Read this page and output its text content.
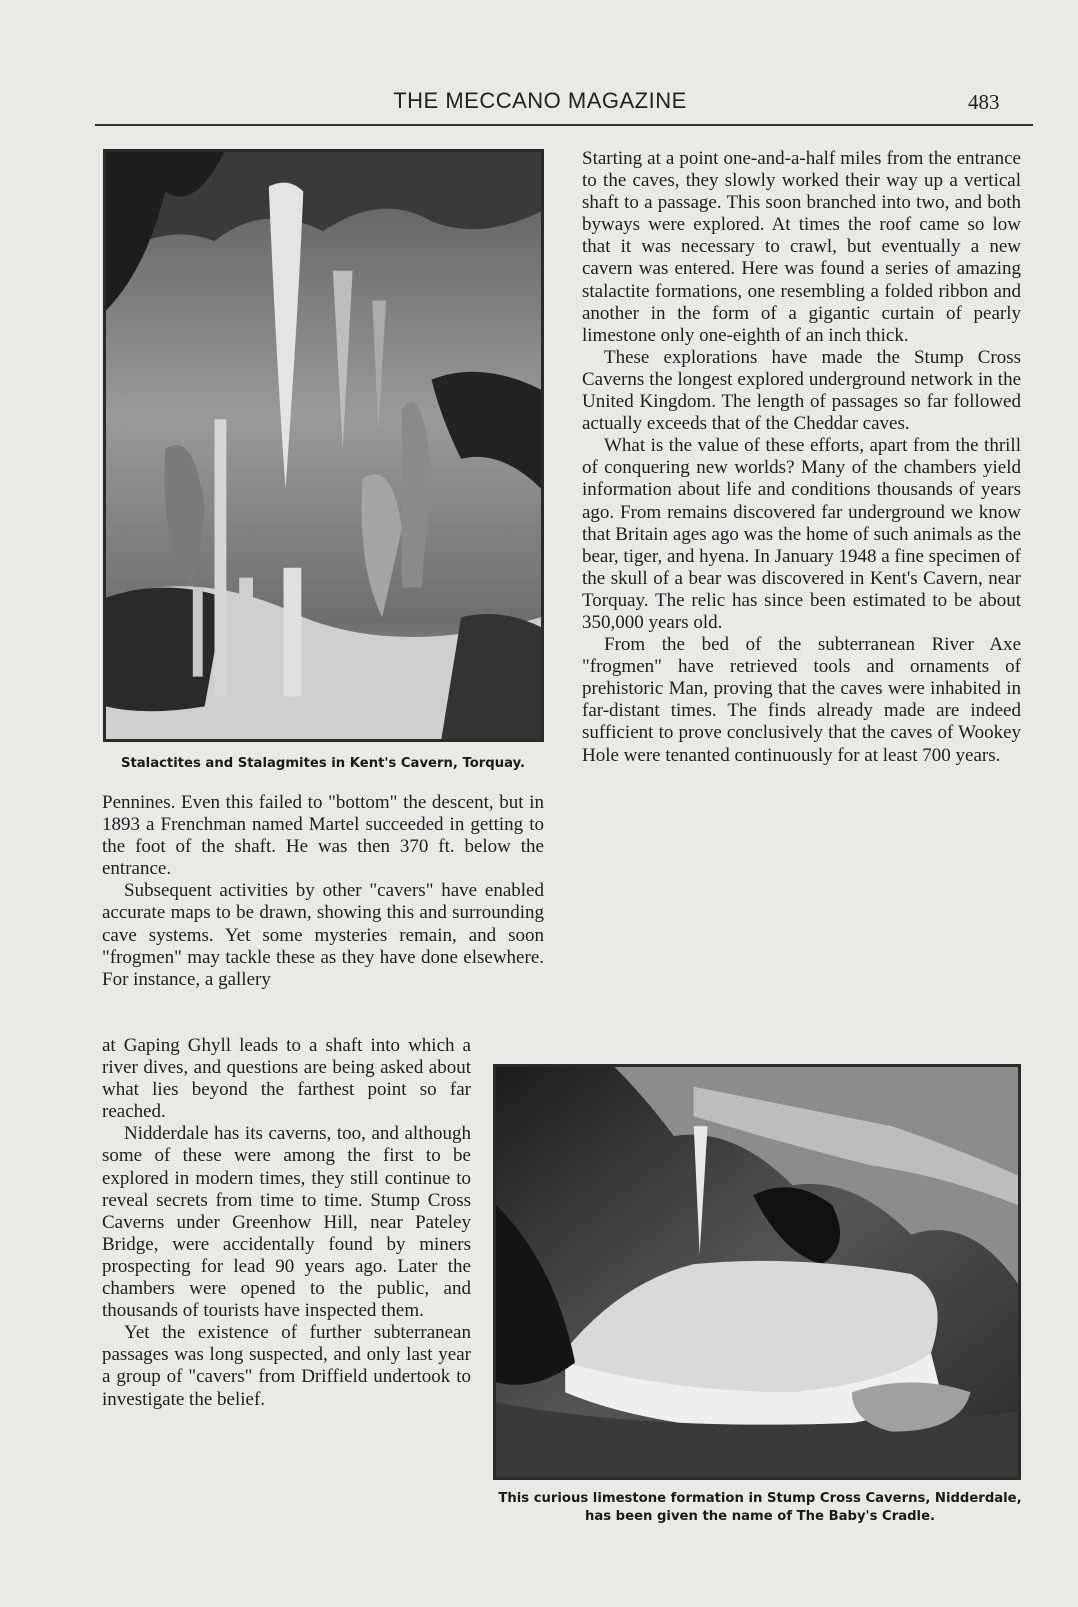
THE MECCANO MAGAZINE	483
Stalactites and Stalagmites in Kent's Cavern, Torquay.

Starting at a point one-and-a-half miles from the entrance to the caves, they slowly worked their way up a vertical shaft to a passage. This soon branched into two, and both byways were explored. At times the roof came so low that it was necessary to crawl, but eventually a new cavern was entered. Here was found a series of amazing stalactite formations, one resembling a folded ribbon and another in the form of a gigantic curtain of pearly limestone only one-eighth of an inch thick.

These explorations have made the Stump Cross Caverns the longest explored underground network in the United Kingdom. The length of passages so far followed actually exceeds that of the Cheddar caves.

What is the value of these efforts, apart from the thrill of conquering new worlds? Many of the chambers yield information about life and conditions thousands of years ago. From remains discovered far underground we know that Britain ages ago was the home of such animals as the bear, tiger, and hyena. In January 1948 a fine specimen of the skull of a bear was discovered in Kent's Cavern, near Torquay. The relic has since been estimated to be about 350,000 years old.

From the bed of the subterranean River Axe "frogmen" have retrieved tools and ornaments of prehistoric Man, proving that the caves were inhabited in far-distant times. The finds already made are indeed sufficient to prove conclusively that the caves of Wookey Hole were tenanted continuously for at least 700 years.

Pennines. Even this failed to "bottom" the descent, but in 1893 a Frenchman named Martel succeeded in getting to the foot of the shaft. He was then 370 ft. below the entrance.

Subsequent activities by other "cavers" have enabled accurate maps to be drawn, showing this and surrounding cave systems. Yet some mysteries remain, and soon "frogmen" may tackle these as they have done elsewhere. For instance, a gallery

at Gaping Ghyll leads to a shaft into which a river dives, and questions are being asked about what lies beyond the farthest point so far reached.

Nidderdale has its caverns, too, and although some of these were among the first to be explored in modern times, they still continue to reveal secrets from time to time. Stump Cross Caverns under Greenhow Hill, near Pateley Bridge, were accidentally found by miners prospecting for lead 90 years ago. Later the chambers were opened to the public, and thousands of tourists have inspected them.

Yet the existence of further subterranean passages was long suspected, and only last year a group of "cavers" from Driffield undertook to investigate the belief.

This curious limestone formation in Stump Cross Caverns, Nidderdale, has been given the name of The Baby's Cradle.
